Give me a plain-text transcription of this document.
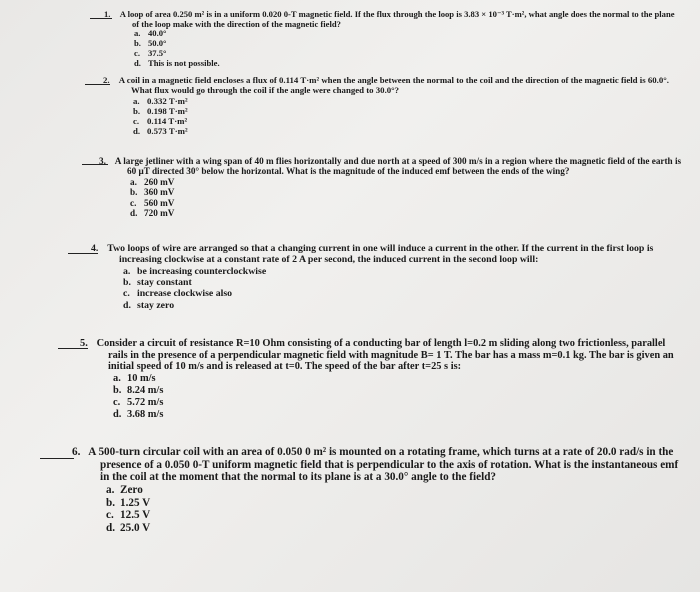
1. A loop of area 0.250 m² is in a uniform 0.020 0-T magnetic field. If the flux through the loop is 3.83 × 10⁻³ T·m², what angle does the normal to the plane of the loop make with the direction of the magnetic field?
a. 40.0°
b. 50.0°
c. 37.5°
d. This is not possible.
2. A coil in a magnetic field encloses a flux of 0.114 T·m² when the angle between the normal to the coil and the direction of the magnetic field is 60.0°. What flux would go through the coil if the angle were changed to 30.0°?
a. 0.332 T·m²
b. 0.198 T·m²
c. 0.114 T·m²
d. 0.573 T·m²
3. A large jetliner with a wing span of 40 m flies horizontally and due north at a speed of 300 m/s in a region where the magnetic field of the earth is 60 μT directed 30° below the horizontal. What is the magnitude of the induced emf between the ends of the wing?
a. 260 mV
b. 360 mV
c. 560 mV
d. 720 mV
4. Two loops of wire are arranged so that a changing current in one will induce a current in the other. If the current in the first loop is increasing clockwise at a constant rate of 2 A per second, the induced current in the second loop will:
a. be increasing counterclockwise
b. stay constant
c. increase clockwise also
d. stay zero
5. Consider a circuit of resistance R=10 Ohm consisting of a conducting bar of length l=0.2 m sliding along two frictionless, parallel rails in the presence of a perpendicular magnetic field with magnitude B= 1 T. The bar has a mass m=0.1 kg. The bar is given an initial speed of 10 m/s and is released at t=0. The speed of the bar after t=25 s is:
a. 10 m/s
b. 8.24 m/s
c. 5.72 m/s
d. 3.68 m/s
6. A 500-turn circular coil with an area of 0.050 0 m² is mounted on a rotating frame, which turns at a rate of 20.0 rad/s in the presence of a 0.050 0-T uniform magnetic field that is perpendicular to the axis of rotation. What is the instantaneous emf in the coil at the moment that the normal to its plane is at a 30.0° angle to the field?
a. Zero
b. 1.25 V
c. 12.5 V
d. 25.0 V
